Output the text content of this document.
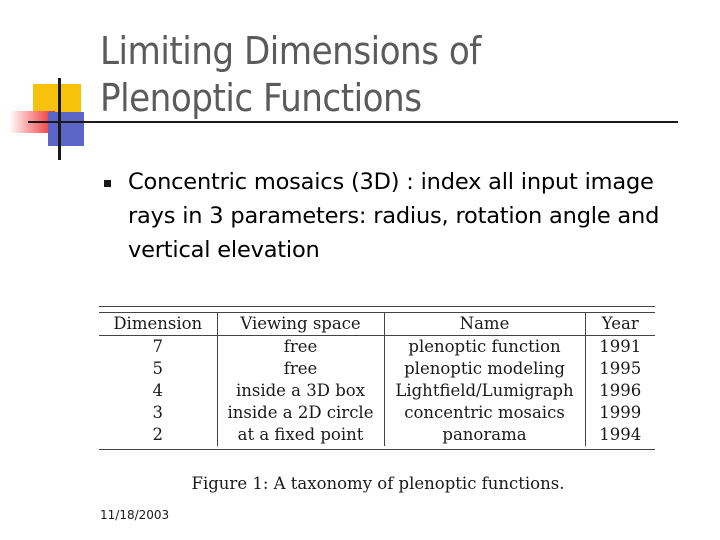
Limiting Dimensions of
Plenoptic Functions
Concentric mosaics (3D) : index all input image rays in 3 parameters: radius, rotation angle and vertical elevation
Dimension	Viewing space	Name	Year
7	free	plenoptic function	1991
5	free	plenoptic modeling	1995
4	inside a 3D box	Lightfield/Lumigraph	1996
3	inside a 2D circle	concentric mosaics	1999
2	at a fixed point	panorama	1994
Figure 1: A taxonomy of plenoptic functions.
11/18/2003
